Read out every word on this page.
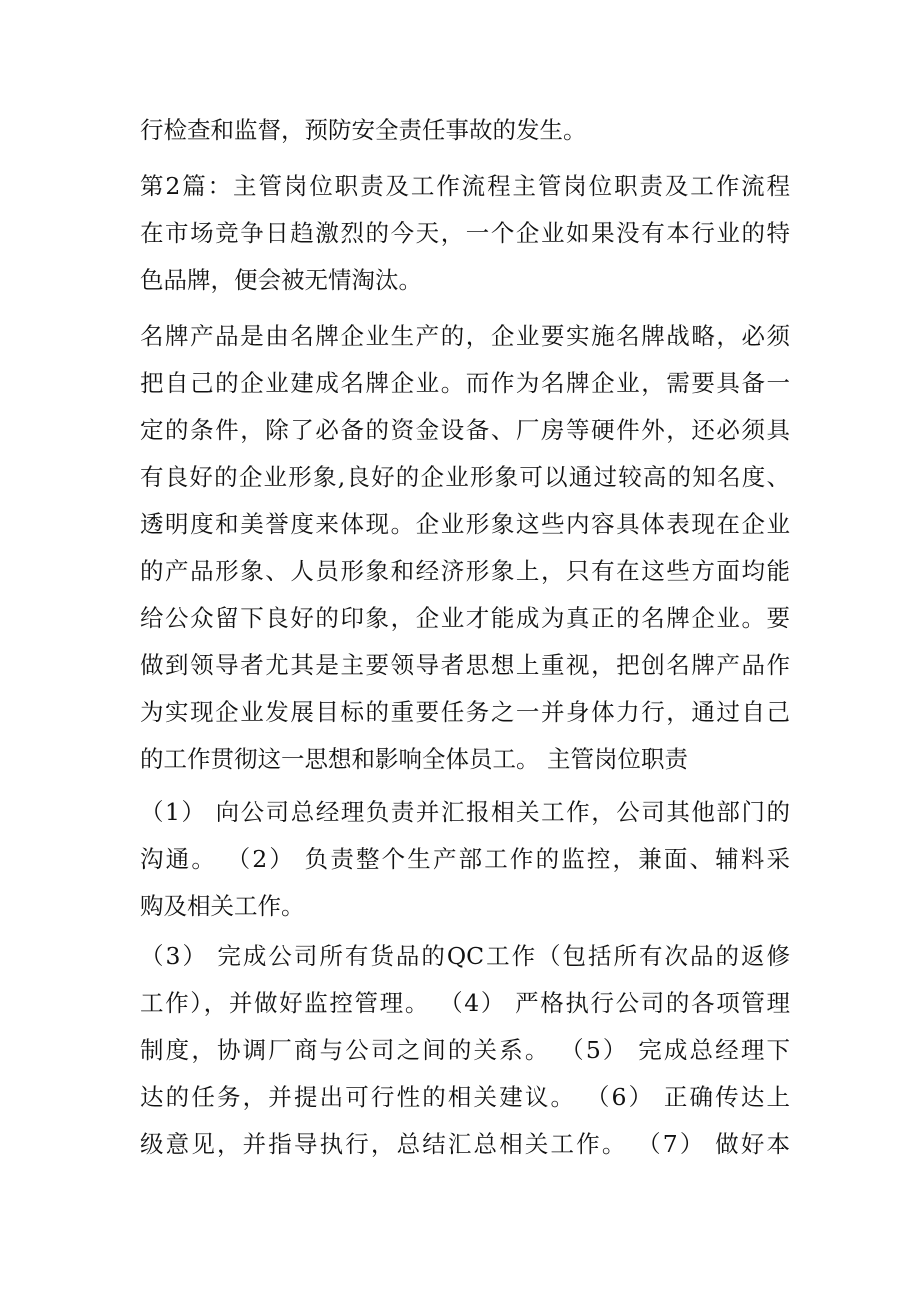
行检查和监督，预防安全责任事故的发生。
第2篇：主管岗位职责及工作流程主管岗位职责及工作流程
在市场竞争日趋激烈的今天，一个企业如果没有本行业的特
色品牌，便会被无情淘汰。
名牌产品是由名牌企业生产的，企业要实施名牌战略，必须
把自己的企业建成名牌企业。而作为名牌企业，需要具备一
定的条件，除了必备的资金设备、厂房等硬件外，还必须具
有良好的企业形象,良好的企业形象可以通过较高的知名度、
透明度和美誉度来体现。企业形象这些内容具体表现在企业
的产品形象、人员形象和经济形象上，只有在这些方面均能
给公众留下良好的印象，企业才能成为真正的名牌企业。要
做到领导者尤其是主要领导者思想上重视，把创名牌产品作
为实现企业发展目标的重要任务之一并身体力行，通过自己
的工作贯彻这一思想和影响全体员工。 主管岗位职责
（1） 向公司总经理负责并汇报相关工作，公司其他部门的
沟通。 （2） 负责整个生产部工作的监控，兼面、辅料采
购及相关工作。
（3） 完成公司所有货品的QC工作（包括所有次品的返修
工作），并做好监控管理。 （4） 严格执行公司的各项管理
制度，协调厂商与公司之间的关系。 （5） 完成总经理下
达的任务，并提出可行性的相关建议。 （6） 正确传达上
级意见，并指导执行，总结汇总相关工作。 （7） 做好本
